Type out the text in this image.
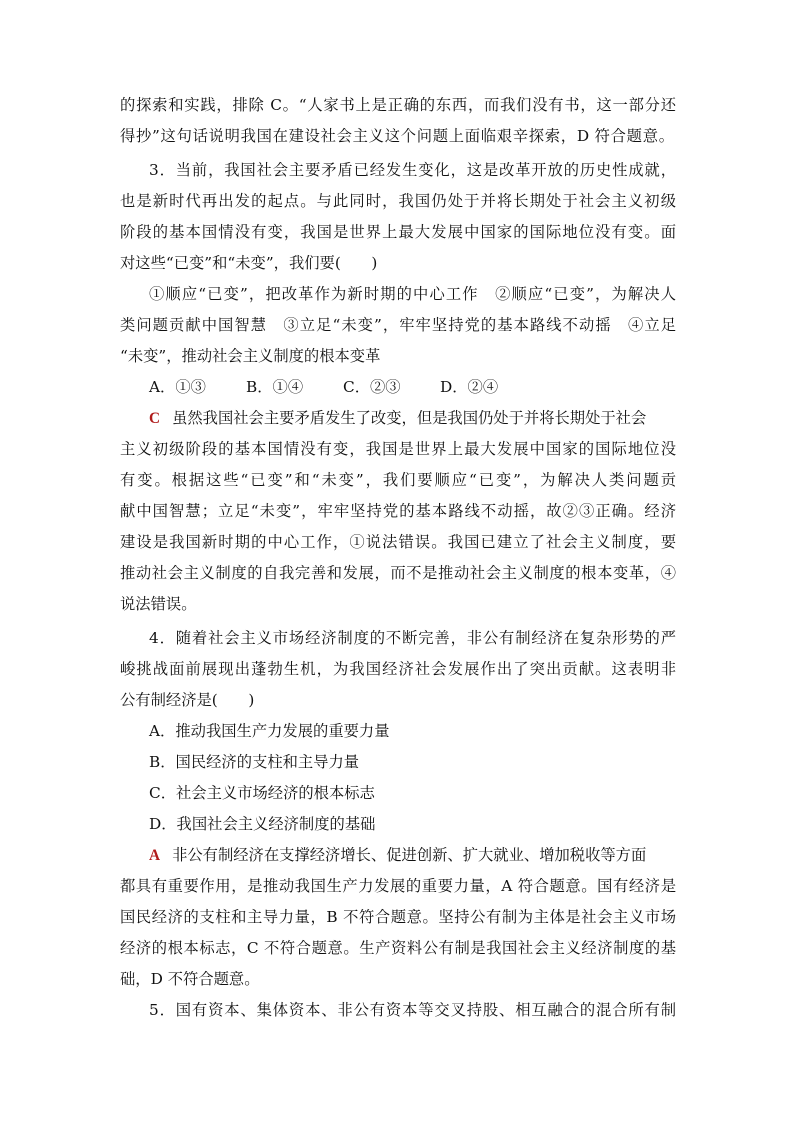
的探索和实践，排除 C。“人家书上是正确的东西，而我们没有书，这一部分还
得抄”这句话说明我国在建设社会主义这个问题上面临艰辛探索，D 符合题意。
3．当前，我国社会主要矛盾已经发生变化，这是改革开放的历史性成就，
也是新时代再出发的起点。与此同时，我国仍处于并将长期处于社会主义初级
阶段的基本国情没有变，我国是世界上最大发展中国家的国际地位没有变。面
对这些“已变”和“未变”，我们要(　　)
①顺应“已变”，把改革作为新时期的中心工作　②顺应“已变”，为解决人
类问题贡献中国智慧　③立足“未变”，牢牢坚持党的基本路线不动摇　④立足
“未变”，推动社会主义制度的根本变革
A．①③	B．①④	C．②③	D．②④
C 虽然我国社会主要矛盾发生了改变，但是我国仍处于并将长期处于社会
主义初级阶段的基本国情没有变，我国是世界上最大发展中国家的国际地位没
有变。根据这些“已变”和“未变”，我们要顺应“已变”，为解决人类问题贡
献中国智慧；立足“未变”，牢牢坚持党的基本路线不动摇，故②③正确。经济
建设是我国新时期的中心工作，①说法错误。我国已建立了社会主义制度，要
推动社会主义制度的自我完善和发展，而不是推动社会主义制度的根本变革，④
说法错误。
4．随着社会主义市场经济制度的不断完善，非公有制经济在复杂形势的严
峻挑战面前展现出蓬勃生机，为我国经济社会发展作出了突出贡献。这表明非
公有制经济是(　　)
A．推动我国生产力发展的重要力量
B．国民经济的支柱和主导力量
C．社会主义市场经济的根本标志
D．我国社会主义经济制度的基础
A 非公有制经济在支撑经济增长、促进创新、扩大就业、增加税收等方面
都具有重要作用，是推动我国生产力发展的重要力量，A 符合题意。国有经济是
国民经济的支柱和主导力量，B 不符合题意。坚持公有制为主体是社会主义市场
经济的根本标志，C 不符合题意。生产资料公有制是我国社会主义经济制度的基
础，D 不符合题意。
5．国有资本、集体资本、非公有资本等交叉持股、相互融合的混合所有制
